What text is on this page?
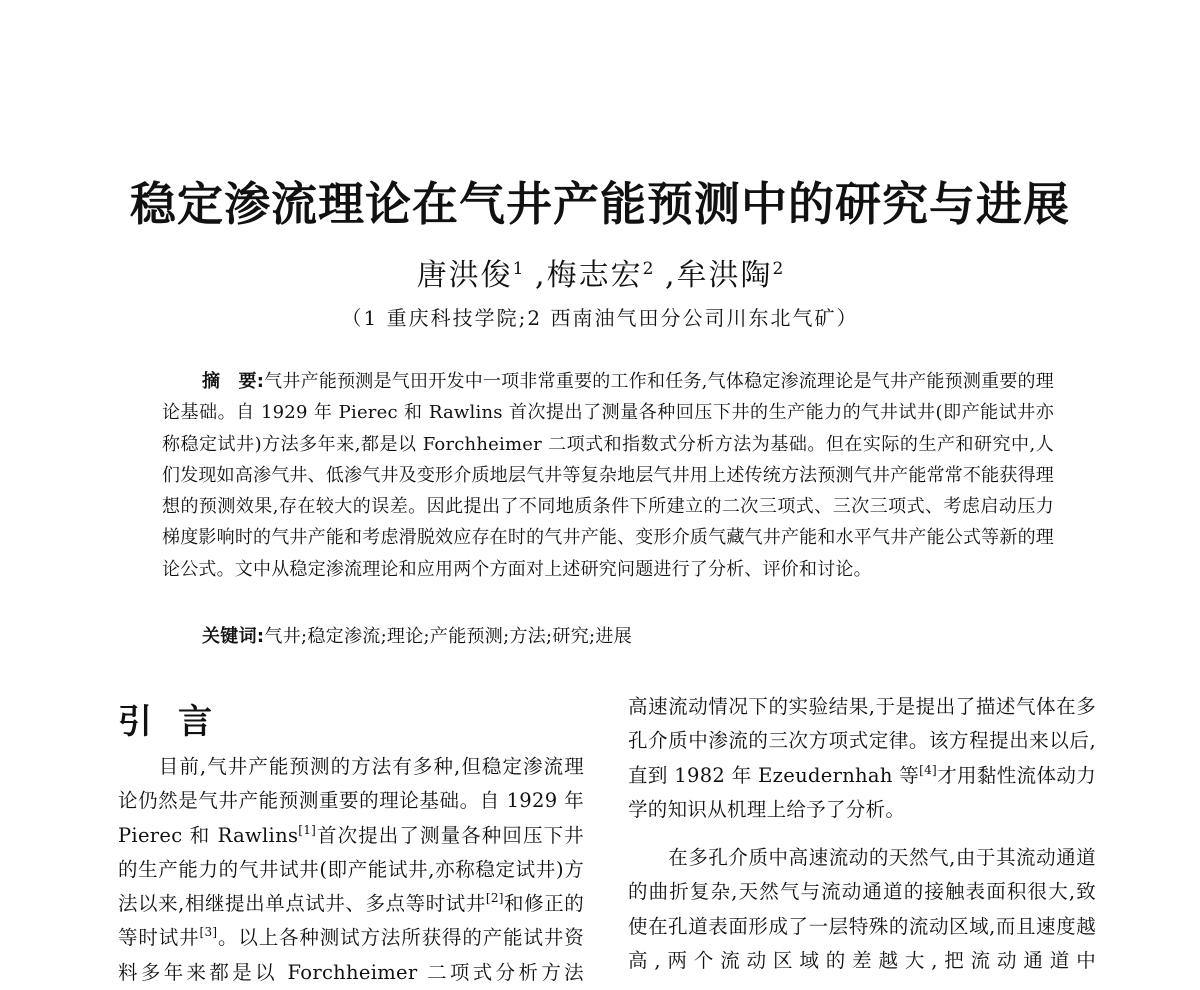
稳定渗流理论在气井产能预测中的研究与进展
唐洪俊$^1$ ,梅志宏$^2$ ,牟洪陶$^2$
（1 重庆科技学院;2 西南油气田分公司川东北气矿）
摘　要:气井产能预测是气田开发中一项非常重要的工作和任务,气体稳定渗流理论是气井产能预测重要的理论基础。自 1929 年 Pierec 和 Rawlins 首次提出了测量各种回压下井的生产能力的气井试井(即产能试井亦称稳定试井)方法多年来,都是以 Forchheimer 二项式和指数式分析方法为基础。但在实际的生产和研究中,人们发现如高渗气井、低渗气井及变形介质地层气井等复杂地层气井用上述传统方法预测气井产能常常不能获得理想的预测效果,存在较大的误差。因此提出了不同地质条件下所建立的二次三项式、三次三项式、考虑启动压力梯度影响时的气井产能和考虑滑脱效应存在时的气井产能、变形介质气藏气井产能和水平气井产能公式等新的理论公式。文中从稳定渗流理论和应用两个方面对上述研究问题进行了分析、评价和讨论。
关键词:气井;稳定渗流;理论;产能预测;方法;研究;进展
引言

目前,气井产能预测的方法有多种,但稳定渗流理论仍然是气井产能预测重要的理论基础。自 1929 年 Pierec 和 Rawlins[1]首次提出了测量各种回压下井的生产能力的气井试井(即产能试井,亦称稳定试井)方法以来,相继提出单点试井、多点等时试井[2]和修正的等时试井[3]。以上各种测试方法所获得的产能试井资料多年来都是以 Forchheimer 二项式分析方法

高速流动情况下的实验结果,于是提出了描述气体在多孔介质中渗流的三次方项式定律。该方程提出来以后,直到 1982 年 Ezeudernhah 等[4]才用黏性流体动力学的知识从机理上给予了分析。

在多孔介质中高速流动的天然气,由于其流动通道的曲折复杂,天然气与流动通道的接触表面积很大,致使在孔道表面形成了一层特殊的流动区域,而且速度越高,两个流动区域的差越大,把流动通道中
